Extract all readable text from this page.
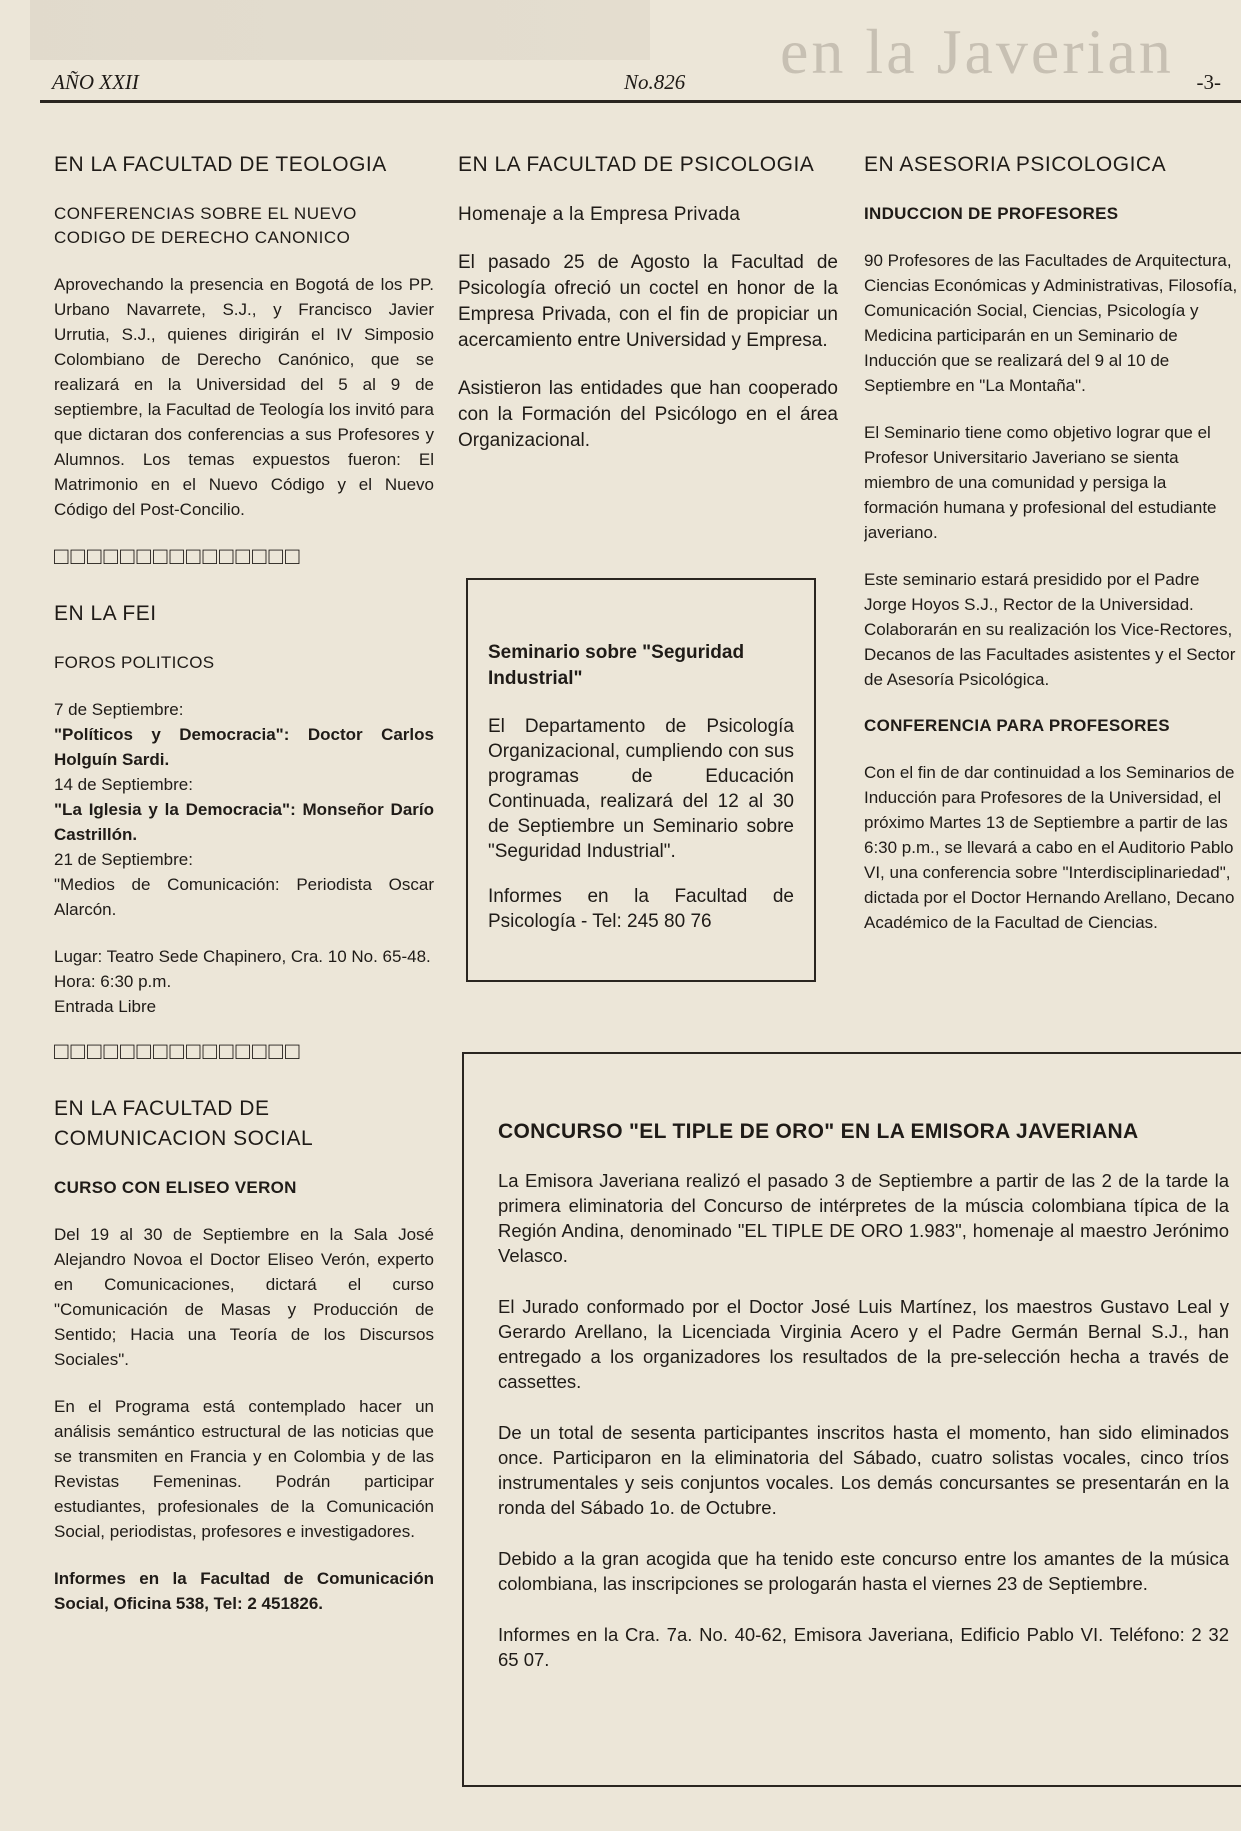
en la Javerian
AÑO XXII	No.826	-3-
EN LA FACULTAD DE TEOLOGIA
CONFERENCIAS SOBRE EL NUEVO CODIGO DE DERECHO CANONICO

Aprovechando la presencia en Bogotá de los PP. Urbano Navarrete, S.J., y Francisco Javier Urrutia, S.J., quienes dirigirán el IV Simposio Colombiano de Derecho Canónico, que se realizará en la Universidad del 5 al 9 de septiembre, la Facultad de Teología los invitó para que dictaran dos conferencias a sus Profesores y Alumnos. Los temas expuestos fueron: El Matrimonio en el Nuevo Código y el Nuevo Código del Post-Concilio.

□□□□□□□□□□□□□□□
EN LA FEI
FOROS POLITICOS

7 de Septiembre:

"Políticos y Democracia": Doctor Carlos Holguín Sardi.

14 de Septiembre:

"La Iglesia y la Democracia": Monseñor Darío Castrillón.

21 de Septiembre:

"Medios de Comunicación: Periodista Oscar Alarcón.

Lugar: Teatro Sede Chapinero, Cra. 10 No. 65-48.

Hora: 6:30 p.m.

Entrada Libre

□□□□□□□□□□□□□□□
EN LA FACULTAD DE COMUNICACION SOCIAL
CURSO CON ELISEO VERON

Del 19 al 30 de Septiembre en la Sala José Alejandro Novoa el Doctor Eliseo Verón, experto en Comunicaciones, dictará el curso "Comunicación de Masas y Producción de Sentido; Hacia una Teoría de los Discursos Sociales".

En el Programa está contemplado hacer un análisis semántico estructural de las noticias que se transmiten en Francia y en Colombia y de las Revistas Femeninas. Podrán participar estudiantes, profesionales de la Comunicación Social, periodistas, profesores e investigadores.

Informes en la Facultad de Comunicación Social, Oficina 538, Tel: 2 451826.

EN LA FACULTAD DE PSICOLOGIA
Homenaje a la Empresa Privada

El pasado 25 de Agosto la Facultad de Psicología ofreció un coctel en honor de la Empresa Privada, con el fin de propiciar un acercamiento entre Universidad y Empresa.

Asistieron las entidades que han cooperado con la Formación del Psicólogo en el área Organizacional.

Seminario sobre "Seguridad Industrial"

El Departamento de Psicología Organizacional, cumpliendo con sus programas de Educación Continuada, realizará del 12 al 30 de Septiembre un Seminario sobre "Seguridad Industrial".

Informes en la Facultad de Psicología - Tel: 245 80 76

EN ASESORIA PSICOLOGICA
INDUCCION DE PROFESORES

90 Profesores de las Facultades de Arquitectura, Ciencias Económicas y Administrativas, Filosofía, Comunicación Social, Ciencias, Psicología y Medicina participarán en un Seminario de Inducción que se realizará del 9 al 10 de Septiembre en "La Montaña".

El Seminario tiene como objetivo lograr que el Profesor Universitario Javeriano se sienta miembro de una comunidad y persiga la formación humana y profesional del estudiante javeriano.

Este seminario estará presidido por el Padre Jorge Hoyos S.J., Rector de la Universidad. Colaborarán en su realización los Vice-Rectores, Decanos de las Facultades asistentes y el Sector de Asesoría Psicológica.

CONFERENCIA PARA PROFESORES

Con el fin de dar continuidad a los Seminarios de Inducción para Profesores de la Universidad, el próximo Martes 13 de Septiembre a partir de las 6:30 p.m., se llevará a cabo en el Auditorio Pablo VI, una conferencia sobre "Interdisciplinariedad", dictada por el Doctor Hernando Arellano, Decano Académico de la Facultad de Ciencias.

CONCURSO "EL TIPLE DE ORO" EN LA EMISORA JAVERIANA

La Emisora Javeriana realizó el pasado 3 de Septiembre a partir de las 2 de la tarde la primera eliminatoria del Concurso de intérpretes de la múscia colombiana típica de la Región Andina, denominado "EL TIPLE DE ORO 1.983", homenaje al maestro Jerónimo Velasco.

El Jurado conformado por el Doctor José Luis Martínez, los maestros Gustavo Leal y Gerardo Arellano, la Licenciada Virginia Acero y el Padre Germán Bernal S.J., han entregado a los organizadores los resultados de la pre-selección hecha a través de cassettes.

De un total de sesenta participantes inscritos hasta el momento, han sido eliminados once. Participaron en la eliminatoria del Sábado, cuatro solistas vocales, cinco tríos instrumentales y seis conjuntos vocales. Los demás concursantes se presentarán en la ronda del Sábado 1o. de Octubre.

Debido a la gran acogida que ha tenido este concurso entre los amantes de la música colombiana, las inscripciones se prologarán hasta el viernes 23 de Septiembre.

Informes en la Cra. 7a. No. 40-62, Emisora Javeriana, Edificio Pablo VI. Teléfono: 2 32 65 07.
